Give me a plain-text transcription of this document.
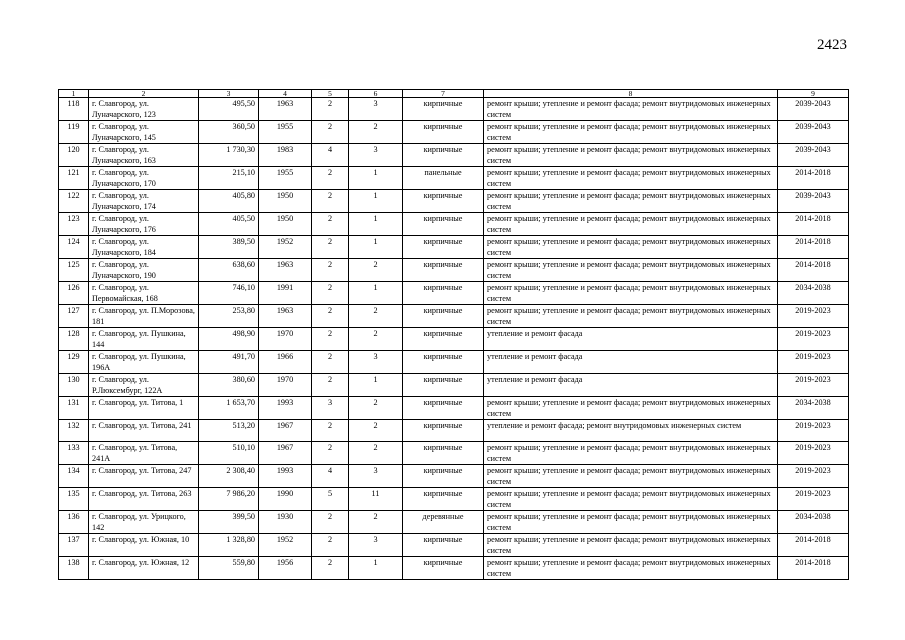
2423
1	2	3	4	5	6	7	8	9
118	г. Славгород, ул. Луначарского, 123	495,50	1963	2	3	кирпичные	ремонт крыши; утепление и ремонт фасада; ремонт внутридомовых инженерных систем	2039-2043
119	г. Славгород, ул. Луначарского, 145	360,50	1955	2	2	кирпичные	ремонт крыши; утепление и ремонт фасада; ремонт внутридомовых инженерных систем	2039-2043
120	г. Славгород, ул. Луначарского, 163	1 730,30	1983	4	3	кирпичные	ремонт крыши; утепление и ремонт фасада; ремонт внутридомовых инженерных систем	2039-2043
121	г. Славгород, ул. Луначарского, 170	215,10	1955	2	1	панельные	ремонт крыши; утепление и ремонт фасада; ремонт внутридомовых инженерных систем	2014-2018
122	г. Славгород, ул. Луначарского, 174	405,80	1950	2	1	кирпичные	ремонт крыши; утепление и ремонт фасада; ремонт внутридомовых инженерных систем	2039-2043
123	г. Славгород, ул. Луначарского, 176	405,50	1950	2	1	кирпичные	ремонт крыши; утепление и ремонт фасада; ремонт внутридомовых инженерных систем	2014-2018
124	г. Славгород, ул. Луначарского, 184	389,50	1952	2	1	кирпичные	ремонт крыши; утепление и ремонт фасада; ремонт внутридомовых инженерных систем	2014-2018
125	г. Славгород, ул. Луначарского, 190	638,60	1963	2	2	кирпичные	ремонт крыши; утепление и ремонт фасада; ремонт внутридомовых инженерных систем	2014-2018
126	г. Славгород, ул. Первомайская, 168	746,10	1991	2	1	кирпичные	ремонт крыши; утепление и ремонт фасада; ремонт внутридомовых инженерных систем	2034-2038
127	г. Славгород, ул. П.Морозова, 181	253,80	1963	2	2	кирпичные	ремонт крыши; утепление и ремонт фасада; ремонт внутридомовых инженерных систем	2019-2023
128	г. Славгород, ул. Пушкина, 144	498,90	1970	2	2	кирпичные	утепление и ремонт фасада	2019-2023
129	г. Славгород, ул. Пушкина, 196А	491,70	1966	2	3	кирпичные	утепление и ремонт фасада	2019-2023
130	г. Славгород, ул. Р.Люксембург, 122А	380,60	1970	2	1	кирпичные	утепление и ремонт фасада	2019-2023
131	г. Славгород, ул. Титова, 1	1 653,70	1993	3	2	кирпичные	ремонт крыши; утепление и ремонт фасада; ремонт внутридомовых инженерных систем	2034-2038
132	г. Славгород, ул. Титова, 241	513,20	1967	2	2	кирпичные	утепление и ремонт фасада; ремонт внутридомовых инженерных систем	2019-2023
133	г. Славгород, ул. Титова, 241А	510,10	1967	2	2	кирпичные	ремонт крыши; утепление и ремонт фасада; ремонт внутридомовых инженерных систем	2019-2023
134	г. Славгород, ул. Титова, 247	2 308,40	1993	4	3	кирпичные	ремонт крыши; утепление и ремонт фасада; ремонт внутридомовых инженерных систем	2019-2023
135	г. Славгород, ул. Титова, 263	7 986,20	1990	5	11	кирпичные	ремонт крыши; утепление и ремонт фасада; ремонт внутридомовых инженерных систем	2019-2023
136	г. Славгород, ул. Урицкого, 142	399,50	1930	2	2	деревянные	ремонт крыши; утепление и ремонт фасада; ремонт внутридомовых инженерных систем	2034-2038
137	г. Славгород, ул. Южная, 10	1 328,80	1952	2	3	кирпичные	ремонт крыши; утепление и ремонт фасада; ремонт внутридомовых инженерных систем	2014-2018
138	г. Славгород, ул. Южная, 12	559,80	1956	2	1	кирпичные	ремонт крыши; утепление и ремонт фасада; ремонт внутридомовых инженерных систем	2014-2018
